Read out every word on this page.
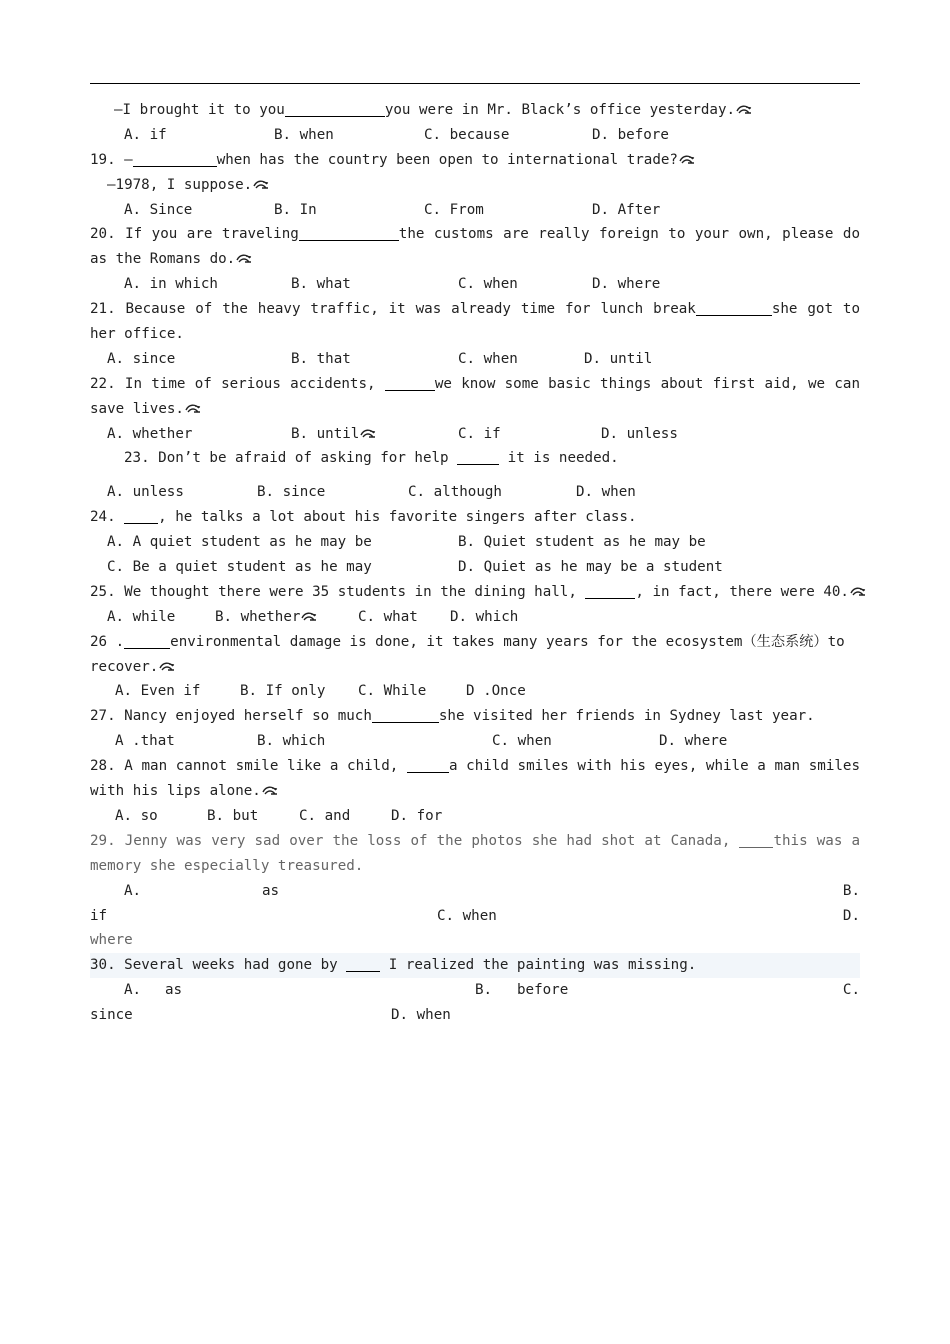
—I brought it to you	you were in Mr. Black’s office yesterday.

A. if

	B. when

	C. because

	D. before

19. —	when has the country been open to international trade?
—1978, I suppose.

A. Since

	B. In

	C. From

	D. After

20. If you are traveling	the customs are really foreign to your own, please do
as the Romans do.

A. in which

	B. what

	C. when

	D. where

21. Because of the heavy traffic, it was already time for lunch break	she got to
her office.

A. since

	B. that

	C. when

	D. until

22. In time of serious accidents,	we know some basic things about first aid, we can
save lives.

A. whether

	B. until

	C. if

	D. unless

23. Don’t be afraid of asking for help	it is needed.

A. unless

	B. since

	C. although

	D. when

24. , he talks a lot about his favorite singers after class.

A. A quiet student as he may be

	B. Quiet student as he may be

C. Be a quiet student as he may

	D. Quiet as he may be a student

25. We thought there were 35 students in the dining hall,	, in fact, there were 40.

A. while

	B. whether

	C. what

D. which

26 .	environmental damage is done, it takes many years for the ecosystem（生态系统）to
recover.

A. Even if

	B. If only

C. While

	D .Once

27. Nancy enjoyed herself so much	she visited her friends in Sydney last year.

A .that

	B. which

	C. when

	D. where

28. A man cannot smile like a child,	a child smiles with his eyes, while a man smiles
with his lips alone.

A. so

	B. but

	C. and

	D. for

29. Jenny was very sad over the loss of the photos she had shot at Canada, this was a
memory she especially treasured.

A.

	as

	B.

if

	C. when

	D.

where

30. Several weeks had gone by  I realized the painting was missing.

A.

as

	B.

before

	C.

since

	D. when
